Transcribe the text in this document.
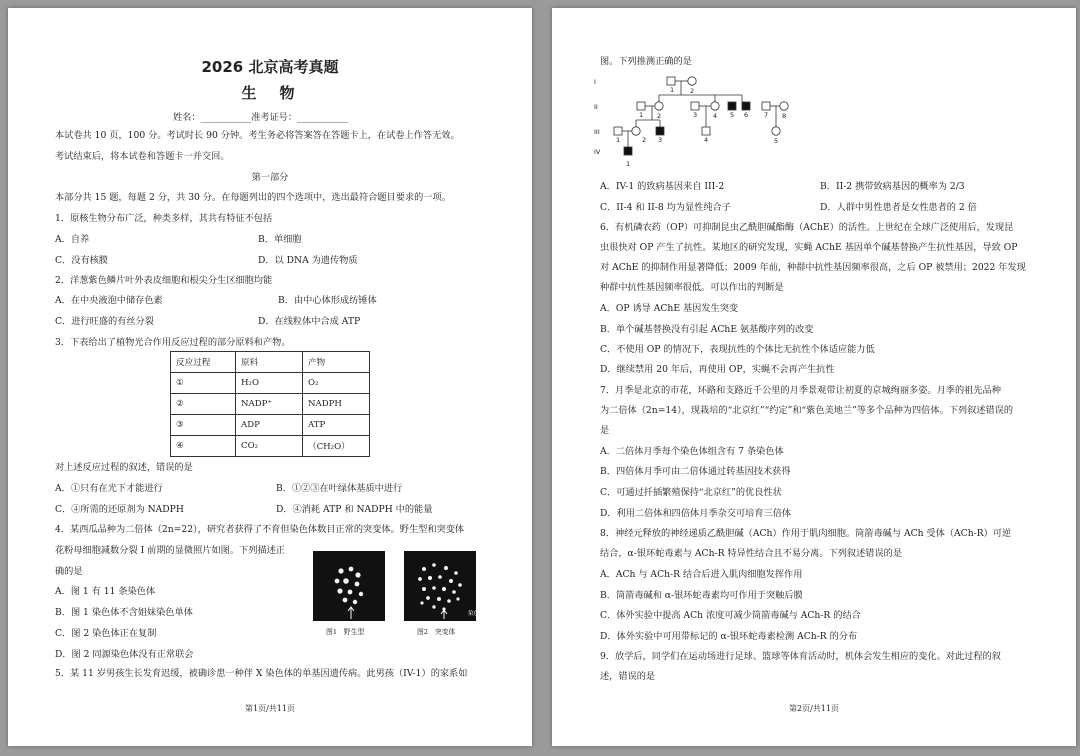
2026 北京高考真题
生　物
姓名：___________准考证号：___________
本试卷共 10 页，100 分。考试时长 90 分钟。考生务必将答案答在答题卡上，在试卷上作答无效。
考试结束后，将本试卷和答题卡一并交回。
第一部分
本部分共 15 题，每题 2 分，共 30 分。在每题列出的四个选项中，选出最符合题目要求的一项。
1．原核生物分布广泛，种类多样，其共有特征不包括
A．自养	B．单细胞
C．没有核膜	D．以 DNA 为遗传物质
2．洋葱紫色鳞片叶外表皮细胞和根尖分生区细胞均能
A．在中央液泡中储存色素	B．由中心体形成纺锤体
C．进行旺盛的有丝分裂	D．在线粒体中合成 ATP
3．下表给出了植物光合作用反应过程的部分原料和产物。
反应过程	原料	产物
①	H₂O	O₂
②	NADP⁺	NADPH
③	ADP	ATP
④	CO₂	（CH₂O）
对上述反应过程的叙述，错误的是
A．①只有在光下才能进行	B．①②③在叶绿体基质中进行
C．④所需的还原剂为 NADPH	D．④消耗 ATP 和 NADPH 中的能量
4．某西瓜品种为二倍体（2n=22），研究者获得了不育但染色体数目正常的突变体。野生型和突变体
花粉母细胞减数分裂 I 前期的显微照片如图。下列描述正
确的是
A．图 1 有 11 条染色体
B．图 1 染色体不含姐妹染色单体
C．图 2 染色体正在复制
D．图 2 同源染色体没有正常联会
染色体
图1　野生型	图2　突变体
5．某 11 岁男孩生长发育迟缓，被确诊患一种伴 X 染色体的单基因遗传病。此男孩（IV-1）的家系如
第1页/共11页
图。下列推测正确的是
I
II
III
IV
1 2
1 2	3 4 5 6 7 8
1	2 3	4	5
1
A．IV-1 的致病基因来自 III-2	B．II-2 携带致病基因的概率为 2/3
C．II-4 和 II-8 均为显性纯合子	D．人群中男性患者是女性患者的 2 倍
6．有机磷农药（OP）可抑制昆虫乙酰胆碱酯酶（AChE）的活性。上世纪在全球广泛使用后，发现昆
虫很快对 OP 产生了抗性。某地区的研究发现，实蝇 AChE 基因单个碱基替换产生抗性基因，导致 OP
对 AChE 的抑制作用显著降低；2009 年前，种群中抗性基因频率很高，之后 OP 被禁用；2022 年发现
种群中抗性基因频率很低。可以作出的判断是
A．OP 诱导 AChE 基因发生突变
B．单个碱基替换没有引起 AChE 氨基酸序列的改变
C．不使用 OP 的情况下，表现抗性的个体比无抗性个体适应能力低
D．继续禁用 20 年后，再使用 OP，实蝇不会再产生抗性
7．月季是北京的市花，环路和支路近千公里的月季景观带让初夏的京城绚丽多姿。月季的祖先品种
为二倍体（2n=14），现栽培的“北京红”“约定”和“紫色美地兰”等多个品种为四倍体。下列叙述错误的
是
A．二倍体月季每个染色体组含有 7 条染色体
B．四倍体月季可由二倍体通过转基因技术获得
C．可通过扦插繁殖保持“北京红”的优良性状
D．利用二倍体和四倍体月季杂交可培育三倍体
8．神经元释放的神经递质乙酰胆碱（ACh）作用于肌肉细胞。筒箭毒碱与 ACh 受体（ACh-R）可逆
结合，α-银环蛇毒素与 ACh-R 特异性结合且不易分离。下列叙述错误的是
A．ACh 与 ACh-R 结合后进入肌肉细胞发挥作用
B．筒箭毒碱和 α-银环蛇毒素均可作用于突触后膜
C．体外实验中提高 ACh 浓度可减少筒箭毒碱与 ACh-R 的结合
D．体外实验中可用带标记的 α-银环蛇毒素检测 ACh-R 的分布
9．放学后，同学们在运动场进行足球、篮球等体育活动时，机体会发生相应的变化。对此过程的叙
述，错误的是
第2页/共11页
